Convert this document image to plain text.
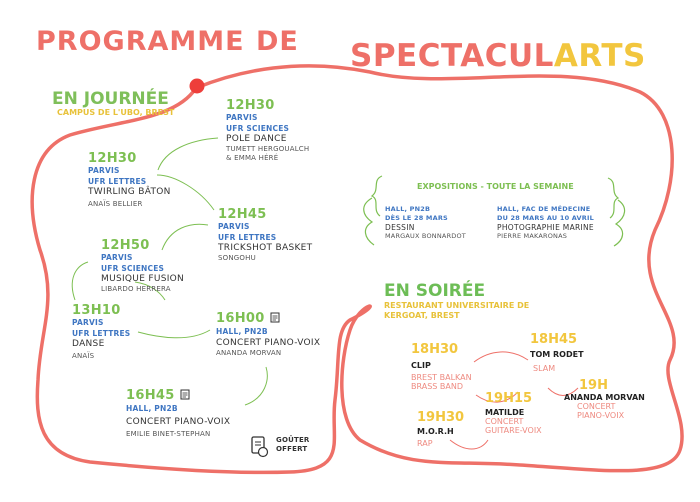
PROGRAMME DE SPECTACULARTS
EN JOURNÉE
CAMPUS DE L'UBO, BREST	12H30
PARVIS
UFR SCIENCES
POLE DANCE
TUMETT HERGOUALCH
& EMMA HÉRÉ
12H30
PARVIS
UFR LETTRES
TWIRLING BÂTON
ANAÏS BELLIER
12H45
PARVIS
UFR LETTRES
TRICKSHOT BASKET
SONGOHU
12H50
PARVIS
UFR SCIENCES
MUSIQUE FUSION
LIBARDO HERRERA
13H10
PARVIS
UFR LETTRES
DANSE
ANAÏS
16H00
HALL, PN2B
CONCERT PIANO-VOIX
ANANDA MORVAN
16H45
HALL, PN2B
CONCERT PIANO-VOIX
EMILIE BINET-STEPHAN
GOÛTER
OFFERT
EXPOSITIONS - TOUTE LA SEMAINE
HALL, PN2B
DÈS LE 28 MARS
DESSIN
MARGAUX BONNARDOT
HALL, FAC DE MÉDECINE
DU 28 MARS AU 10 AVRIL
PHOTOGRAPHIE MARINE
PIERRE MAKARONAS
EN SOIRÉE
RESTAURANT UNIVERSITAIRE DE
KERGOAT, BREST
18H30
CLIP
BREST BALKAN
BRASS BAND
18H45
TOM RODET
SLAM
19H
ANANDA MORVAN
CONCERT
PIANO-VOIX
19H15
MATILDE
CONCERT
GUITARE-VOIX
19H30
M.O.R.H
RAP
